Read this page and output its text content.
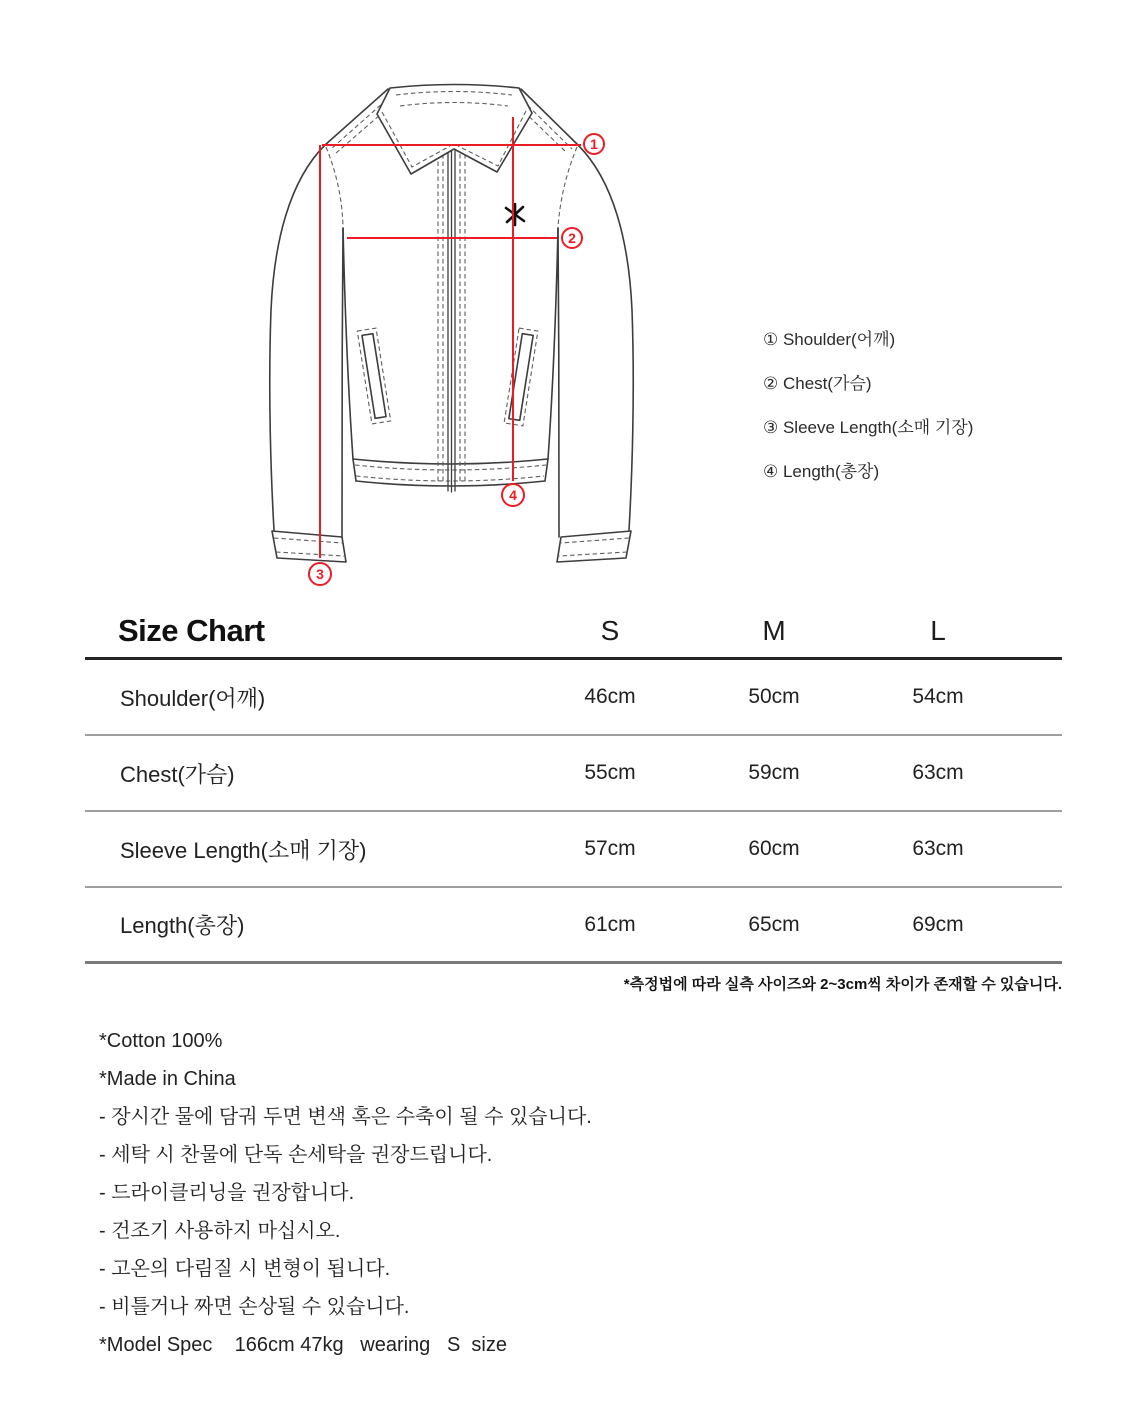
1
2
3
4
① Shoulder(어깨)
② Chest(가슴)
③ Sleeve Length(소매 기장)
④ Length(총장)
Size Chart	S	M	L
Shoulder(어깨)	46cm	50cm	54cm
Chest(가슴)	55cm	59cm	63cm
Sleeve Length(소매 기장)	57cm	60cm	63cm
Length(총장)	61cm	65cm	69cm
*측정법에 따라 실측 사이즈와 2~3cm씩 차이가 존재할 수 있습니다.
*Cotton 100%
*Made in China
- 장시간 물에 담궈 두면 변색 혹은 수축이 될 수 있습니다.
- 세탁 시 찬물에 단독 손세탁을 권장드립니다.
- 드라이클리닝을 권장합니다.
- 건조기 사용하지 마십시오.
- 고온의 다림질 시 변형이 됩니다.
- 비틀거나 짜면 손상될 수 있습니다.
*Model Spec    166cm 47kg   wearing   S  size
